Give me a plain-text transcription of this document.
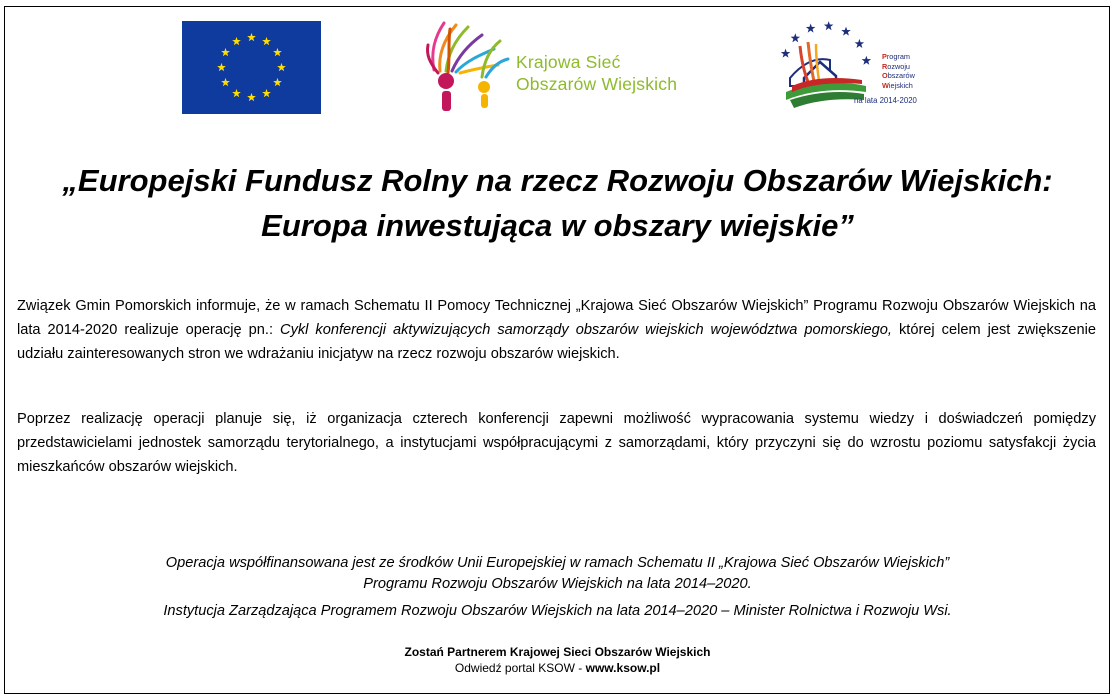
Krajowa Sieć
Obszarów Wiejskich
Program
Rozwoju
Obszarów
Wiejskich
na lata 2014-2020
„Europejski Fundusz Rolny na rzecz Rozwoju Obszarów Wiejskich:
Europa inwestująca w obszary wiejskie”
Związek Gmin Pomorskich informuje, że w ramach Schematu II Pomocy Technicznej „Krajowa Sieć Obszarów Wiejskich” Programu Rozwoju Obszarów Wiejskich na lata 2014-2020 realizuje operację pn.: Cykl konferencji aktywizujących samorządy obszarów wiejskich województwa pomorskiego, której celem jest zwiększenie udziału zainteresowanych stron we wdrażaniu inicjatyw na rzecz rozwoju obszarów wiejskich.
Poprzez realizację operacji planuje się, iż organizacja czterech konferencji zapewni możliwość wypracowania systemu wiedzy i doświadczeń pomiędzy przedstawicielami jednostek samorządu terytorialnego, a instytucjami współpracującymi z samorządami, który przyczyni się do wzrostu poziomu satysfakcji życia mieszkańców obszarów wiejskich.
Operacja współfinansowana jest ze środków Unii Europejskiej w ramach Schematu II „Krajowa Sieć Obszarów Wiejskich”
Programu Rozwoju Obszarów Wiejskich na lata 2014–2020.
Instytucja Zarządzająca Programem Rozwoju Obszarów Wiejskich na lata 2014–2020 – Minister Rolnictwa i Rozwoju Wsi.
Zostań Partnerem Krajowej Sieci Obszarów Wiejskich
Odwiedź portal KSOW - www.ksow.pl
